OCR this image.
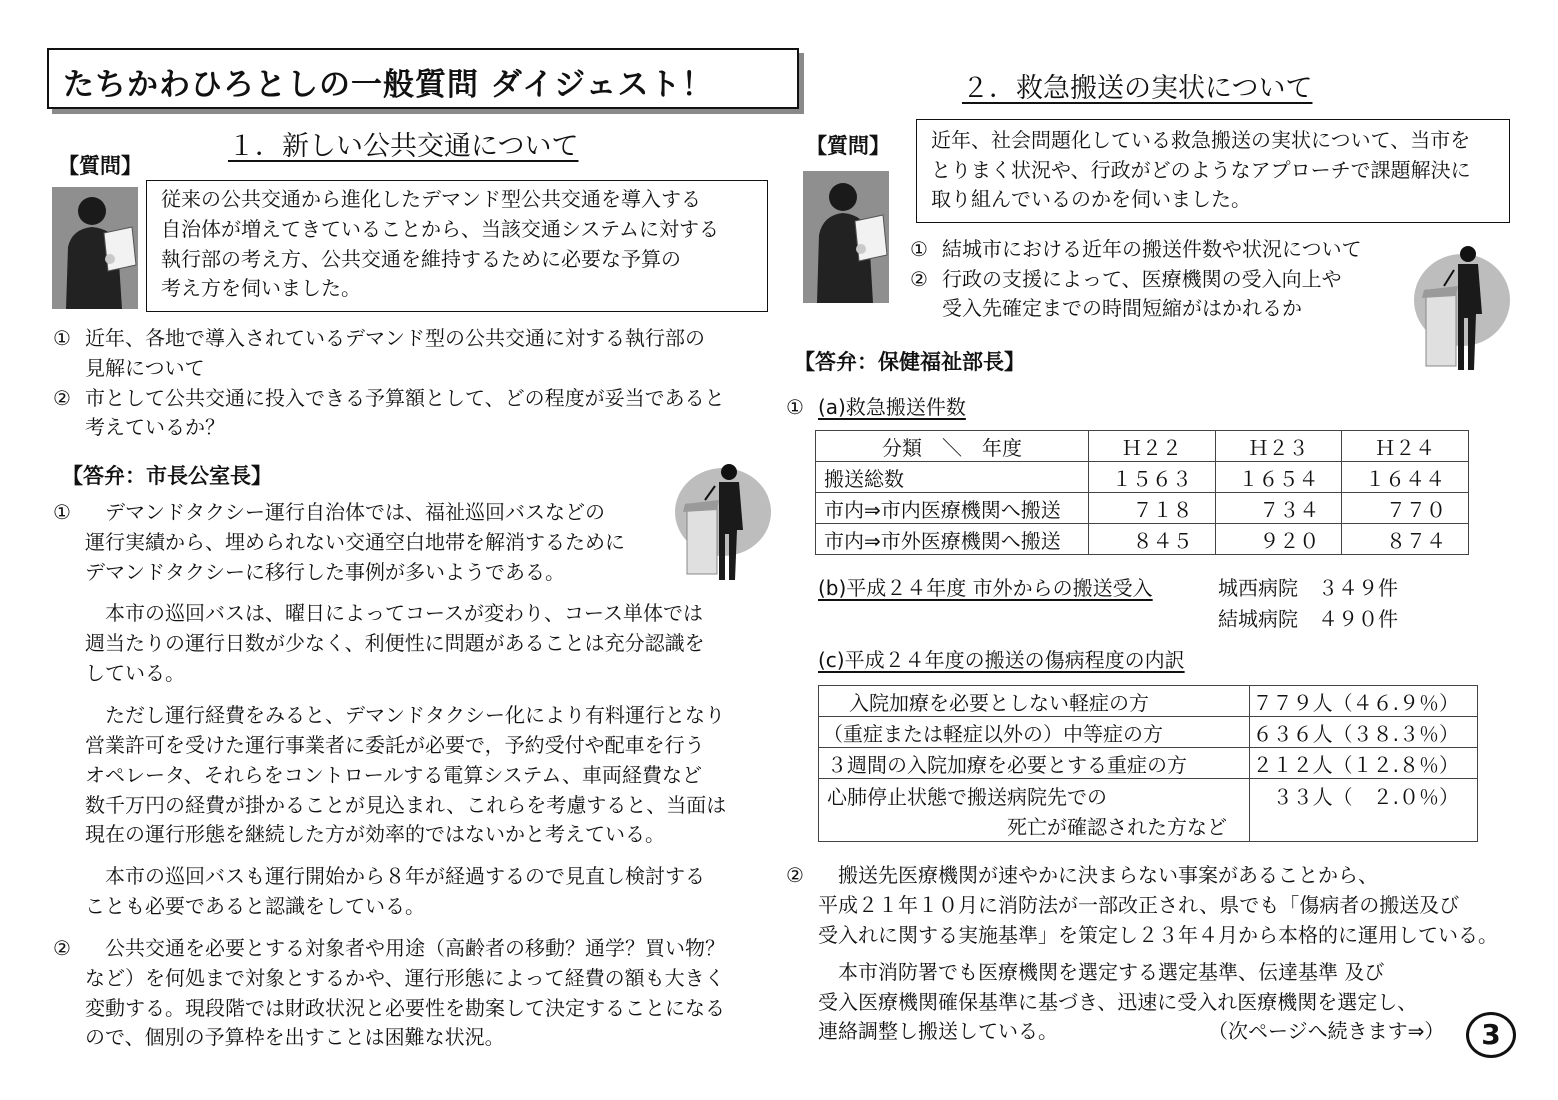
たちかわひろとしの一般質問 ダイジェスト！
１．新しい公共交通について
【質問】
従来の公共交通から進化したデマンド型公共交通を導入する
自治体が増えてきていることから、当該交通システムに対する
執行部の考え方、公共交通を維持するために必要な予算の
考え方を伺いました。
① 近年、各地で導入されているデマンド型の公共交通に対する執行部の
見解について
② 市として公共交通に投入できる予算額として、どの程度が妥当であると
考えているか？
【答弁：市長公室長】
① 　デマンドタクシー運行自治体では、福祉巡回バスなどの
運行実績から、埋められない交通空白地帯を解消するために
デマンドタクシーに移行した事例が多いようである。
　本市の巡回バスは、曜日によってコースが変わり、コース単体では
週当たりの運行日数が少なく、利便性に問題があることは充分認識を
している。
　ただし運行経費をみると、デマンドタクシー化により有料運行となり
営業許可を受けた運行事業者に委託が必要で，予約受付や配車を行う
オペレータ、それらをコントロールする電算システム、車両経費など
数千万円の経費が掛かることが見込まれ、これらを考慮すると、当面は
現在の運行形態を継続した方が効率的ではないかと考えている。
　本市の巡回バスも運行開始から８年が経過するので見直し検討する
ことも必要であると認識をしている。
② 　公共交通を必要とする対象者や用途（高齢者の移動？通学？買い物？
など）を何処まで対象とするかや、運行形態によって経費の額も大きく
変動する。現段階では財政状況と必要性を勘案して決定することになる
ので、個別の予算枠を出すことは困難な状況。
２．救急搬送の実状について
【質問】 近年、社会問題化している救急搬送の実状について、当市を
とりまく状況や、行政がどのようなアプローチで課題解決に
取り組んでいるのかを伺いました。
① 結城市における近年の搬送件数や状況について
② 行政の支援によって、医療機関の受入向上や
受入先確定までの時間短縮がはかれるか
【答弁：保健福祉部長】
① (a)救急搬送件数
分類　＼　年度	Ｈ２２	Ｈ２３	Ｈ２４
搬送総数	１５６３	１６５４	１６４４
市内⇒市内医療機関へ搬送	７１８	７３４	７７０
市内⇒市外医療機関へ搬送	８４５	９２０	８７４
(b)平成２４年度 市外からの搬送受入	城西病院　３４９件
結城病院　４９０件
(c)平成２４年度の搬送の傷病程度の内訳
入院加療を必要としない軽症の方	７７９人（４６.９％）
（重症または軽症以外の）中等症の方	６３６人（３８.３％）
３週間の入院加療を必要とする重症の方	２１２人（１２.８％）

心肺停止状態で搬送病院先での
死亡が確認された方など	３３人（　２.０％）
② 　搬送先医療機関が速やかに決まらない事案があることから、
平成２１年１０月に消防法が一部改正され、県でも「傷病者の搬送及び
受入れに関する実施基準」を策定し２３年４月から本格的に運用している。
　本市消防署でも医療機関を選定する選定基準、伝達基準 及び
受入医療機関確保基準に基づき、迅速に受入れ医療機関を選定し、
連絡調整し搬送している。	（次ページへ続きます⇒）	3
